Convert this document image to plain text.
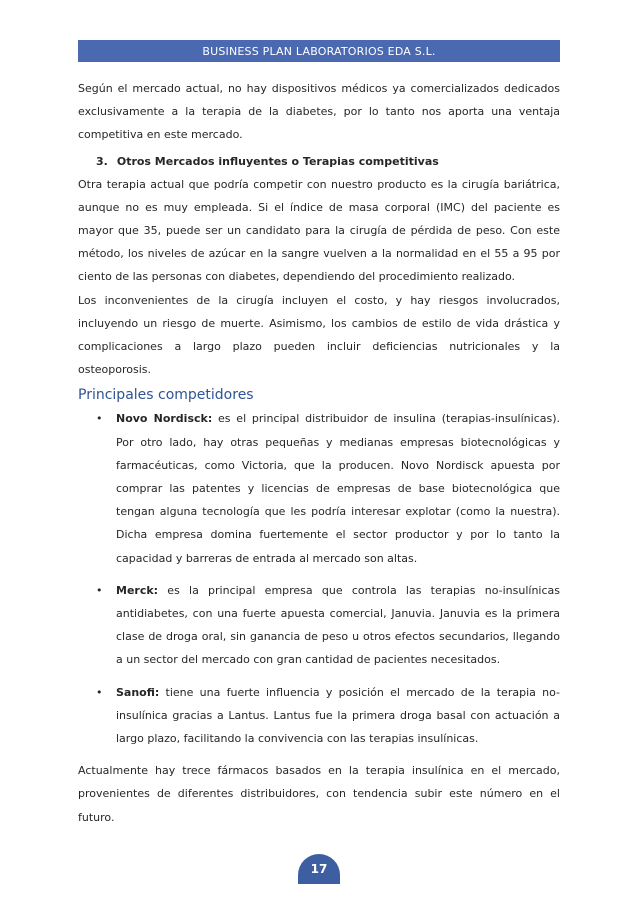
BUSINESS PLAN LABORATORIOS EDA S.L.

Según el mercado actual, no hay dispositivos médicos ya comercializados dedicados exclusivamente a la terapia de la diabetes, por lo tanto nos aporta una ventaja competitiva en este mercado.

3. Otros Mercados influyentes o Terapias competitivas

Otra terapia actual que podría competir con nuestro producto es la cirugía bariátrica, aunque no es muy empleada. Si el índice de masa corporal (IMC) del paciente es mayor que 35, puede ser un candidato para la cirugía de pérdida de peso. Con este método, los niveles de azúcar en la sangre vuelven a la normalidad en el 55 a 95 por ciento de las personas con diabetes, dependiendo del procedimiento realizado.

Los inconvenientes de la cirugía incluyen el costo, y hay riesgos involucrados, incluyendo un riesgo de muerte. Asimismo, los cambios de estilo de vida drástica y complicaciones a largo plazo pueden incluir deficiencias nutricionales y la osteoporosis.

Principales competidores
• Novo Nordisck: es el principal distribuidor de insulina (terapias-insulínicas). Por otro lado, hay otras pequeñas y medianas empresas biotecnológicas y farmacéuticas, como Victoria, que la producen. Novo Nordisck apuesta por comprar las patentes y licencias de empresas de base biotecnológica que tengan alguna tecnología que les podría interesar explotar (como la nuestra). Dicha empresa domina fuertemente el sector productor y por lo tanto la capacidad y barreras de entrada al mercado son altas.
• Merck: es la principal empresa que controla las terapias no-insulínicas antidiabetes, con una fuerte apuesta comercial, Januvia. Januvia es la primera clase de droga oral, sin ganancia de peso u otros efectos secundarios, llegando a un sector del mercado con gran cantidad de pacientes necesitados.
• Sanofi: tiene una fuerte influencia y posición el mercado de la terapia no-insulínica gracias a Lantus. Lantus fue la primera droga basal con actuación a largo plazo, facilitando la convivencia con las terapias insulínicas.

Actualmente hay trece fármacos basados en la terapia insulínica en el mercado, provenientes de diferentes distribuidores, con tendencia subir este número en el futuro.

17
